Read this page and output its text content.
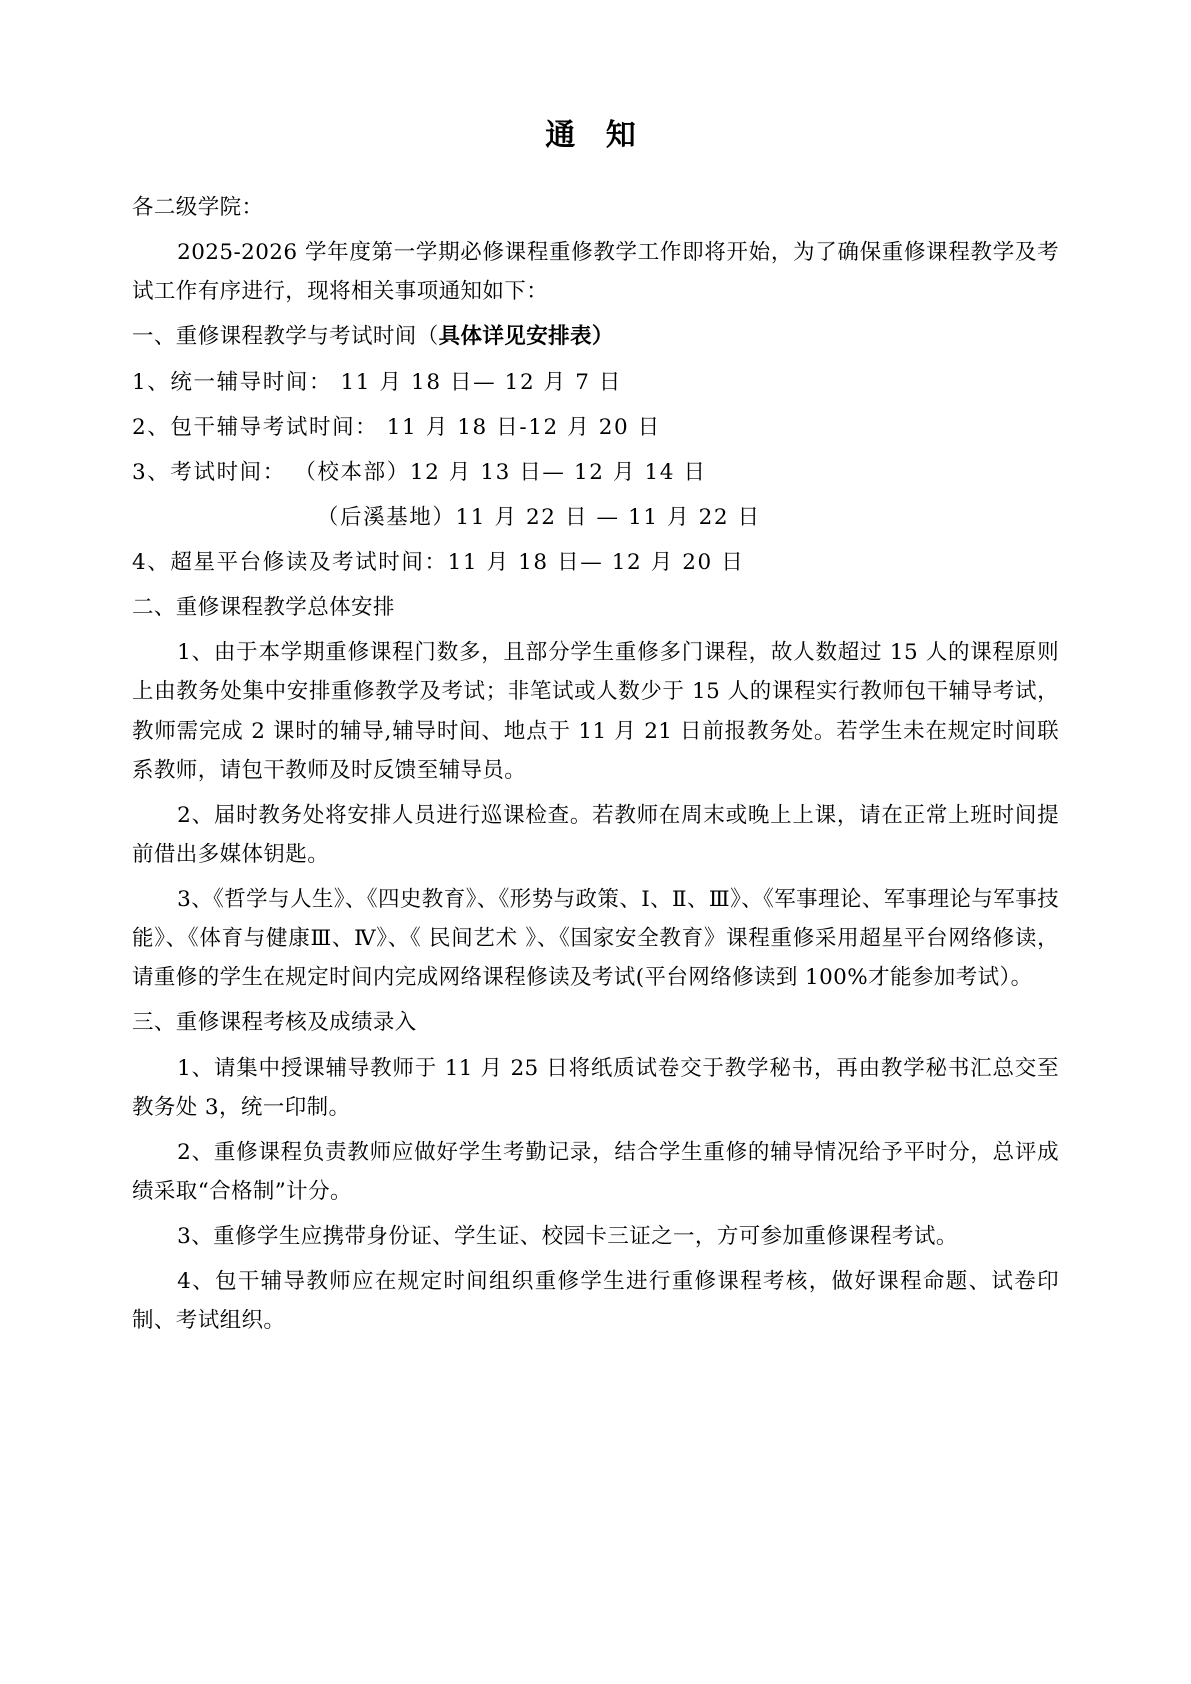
通 知

各二级学院：

2025-2026 学年度第一学期必修课程重修教学工作即将开始，为了确保重修课程教学及考试工作有序进行，现将相关事项通知如下：

一、重修课程教学与考试时间（具体详见安排表）

1、统一辅导时间： 11 月 18 日— 12 月 7 日

2、包干辅导考试时间： 11 月 18 日-12 月 20 日

3、考试时间： （校本部）12 月 13 日— 12 月 14 日

（后溪基地）11 月 22 日 — 11 月 22 日

4、超星平台修读及考试时间：11 月 18 日— 12 月 20 日

二、重修课程教学总体安排

1、由于本学期重修课程门数多，且部分学生重修多门课程，故人数超过 15 人的课程原则上由教务处集中安排重修教学及考试；非笔试或人数少于 15 人的课程实行教师包干辅导考试，教师需完成 2 课时的辅导,辅导时间、地点于 11 月 21 日前报教务处。若学生未在规定时间联系教师，请包干教师及时反馈至辅导员。

2、届时教务处将安排人员进行巡课检查。若教师在周末或晚上上课，请在正常上班时间提前借出多媒体钥匙。

3、《哲学与人生》、《四史教育》、《形势与政策、Ⅰ、Ⅱ、Ⅲ》、《军事理论、军事理论与军事技能》、《体育与健康Ⅲ、Ⅳ》、《 民间艺术 》、《国家安全教育》课程重修采用超星平台网络修读，请重修的学生在规定时间内完成网络课程修读及考试(平台网络修读到 100%才能参加考试）。

三、重修课程考核及成绩录入

1、请集中授课辅导教师于 11 月 25 日将纸质试卷交于教学秘书，再由教学秘书汇总交至教务处 3，统一印制。

2、重修课程负责教师应做好学生考勤记录，结合学生重修的辅导情况给予平时分，总评成绩采取“合格制”计分。

3、重修学生应携带身份证、学生证、校园卡三证之一，方可参加重修课程考试。

4、包干辅导教师应在规定时间组织重修学生进行重修课程考核，做好课程命题、试卷印制、考试组织。
